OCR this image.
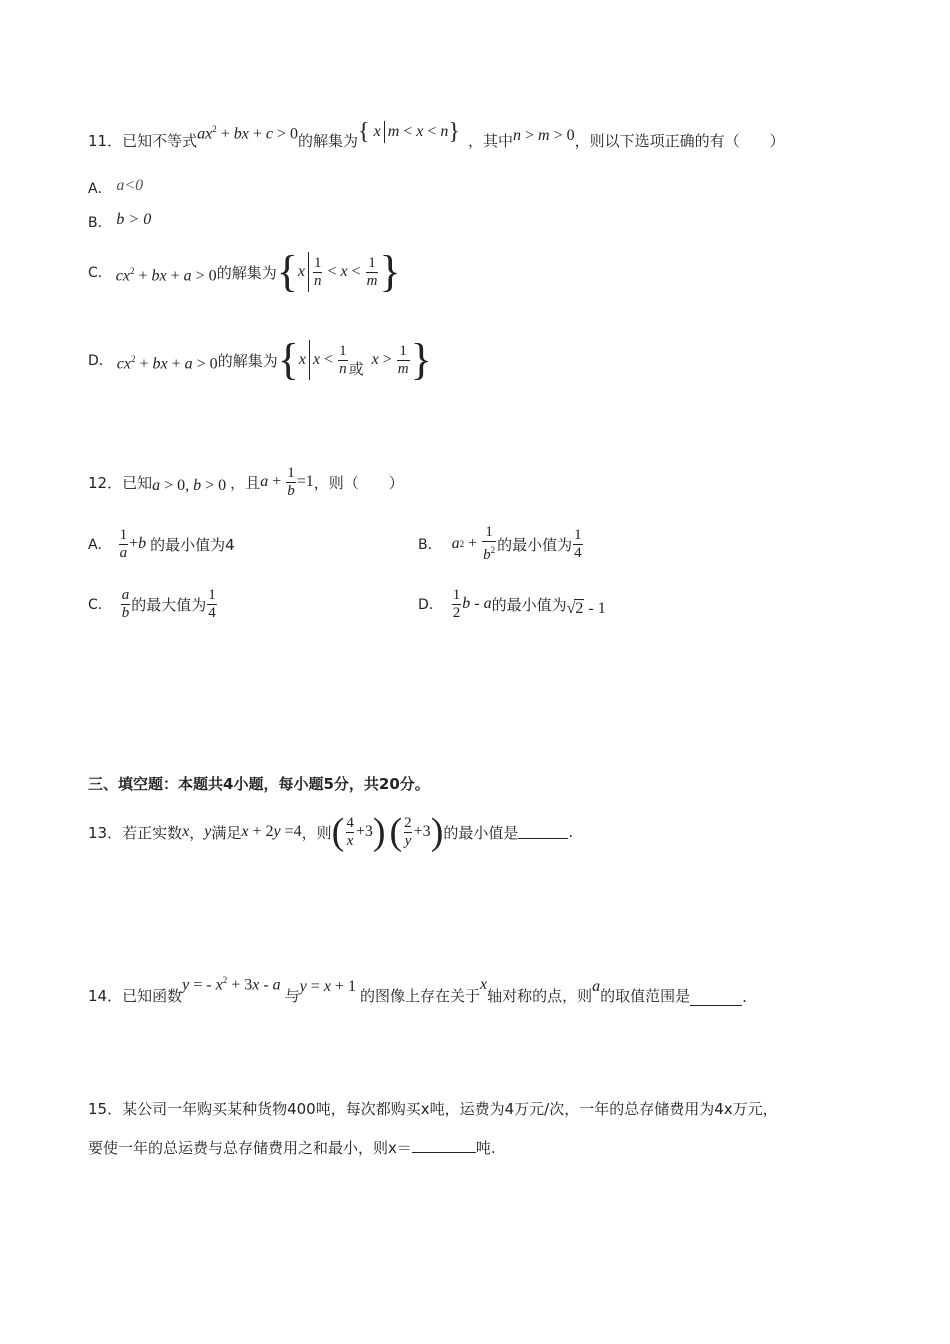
11． 已知不等式 $ax^2$ + bx + c > 0 的解集为 { x m < x < n} ，其中 n > m > 0 ，则以下选项正确的有（　　）
A． a<0
B． b > 0
C． $cx^2$ + bx + a > 0 的解集为 { x $\frac{1}{n} < x < \frac{1}{m}$ }
D． $cx^2$ + bx + a > 0 的解集为 { x $x < \frac{1}{n}$ 或 $x > \frac{1}{m}$ }
12． 已知 a > 0, b > 0 ，且 $a + \frac{1}{b} =1$ ，则（　　）
A． $\frac{1}{a} + b$ 的最小值为4	B． a $2 + \frac{1}{b^2}$ 的最小值为 $\frac{1}{4}$
C． $\frac{a}{b}$ 的最大值为 $\frac{1}{4}$	D． $\frac{1}{2}$ b - a 的最小值为 √2 - 1
三、填空题：本题共4小题，每小题5分，共20分。
13． 若正实数 x ， y 满足 x + 2y =4 ，则 ( $\frac{4}{x} +3$ ) ( $\frac{2}{y} +3$ ) 的最小值是	.
14． 已知函数
y = - $x^2 + 3x - a$
与
y = x + 1
的图像上存在关于
x
轴对称的点，则
a
的取值范围是	.
15．某公司一年购买某种货物400吨，每次都购买x吨，运费为4万元/次，一年的总存储费用为4x万元，
要使一年的总运费与总存储费用之和最小，则x＝	吨.
